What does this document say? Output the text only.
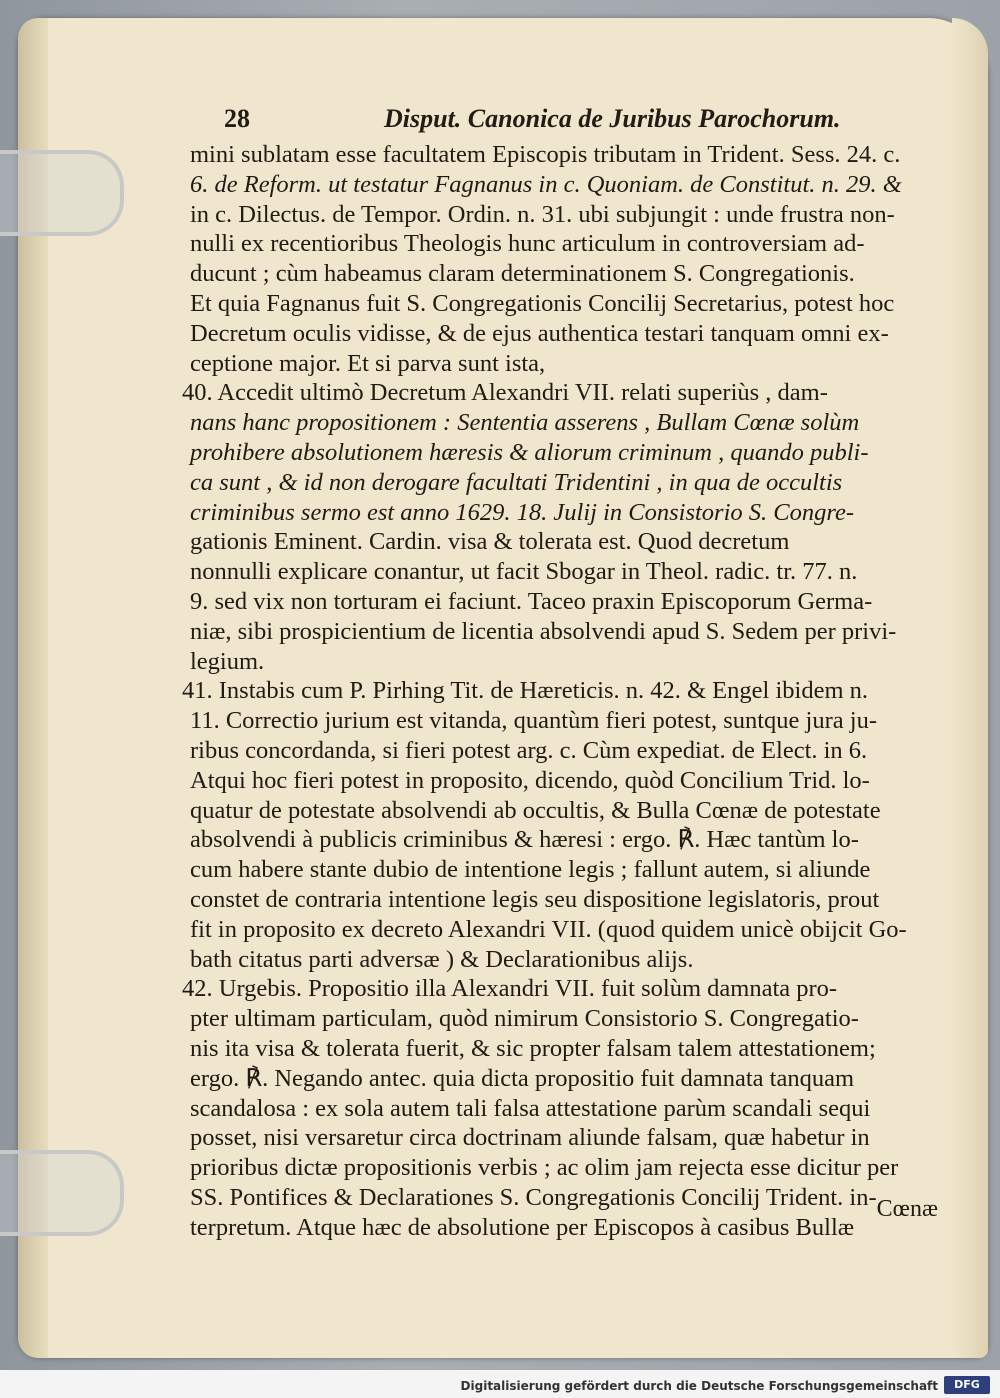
28	Disput. Canonica de Juribus Parochorum.
mini sublatam esse facultatem Episcopis tributam in Trident. Sess. 24. c.
6. de Reform. ut testatur Fagnanus in c. Quoniam. de Constitut. n. 29. &
in c. Dilectus. de Tempor. Ordin. n. 31. ubi subjungit : unde frustra non-
nulli ex recentioribus Theologis hunc articulum in controversiam ad-
ducunt ; cùm habeamus claram determinationem S. Congregationis.
Et quia Fagnanus fuit S. Congregationis Concilij Secretarius, potest hoc
Decretum oculis vidisse, & de ejus authentica testari tanquam omni ex-
ceptione major. Et si parva sunt ista,
40. Accedit ultimò Decretum Alexandri VII. relati superiùs , dam-
nans hanc propositionem : Sententia asserens , Bullam Cœnæ solùm
prohibere absolutionem hæresis & aliorum criminum , quando publi-
ca sunt , & id non derogare facultati Tridentini , in qua de occultis
criminibus sermo est anno 1629. 18. Julij in Consistorio S. Congre-
gationis Eminent. Cardin. visa & tolerata est. Quod decretum
nonnulli explicare conantur, ut facit Sbogar in Theol. radic. tr. 77. n.
9. sed vix non torturam ei faciunt. Taceo praxin Episcoporum Germa-
niæ, sibi prospicientium de licentia absolvendi apud S. Sedem per privi-
legium.
41. Instabis cum P. Pirhing Tit. de Hæreticis. n. 42. & Engel ibidem n.
11. Correctio jurium est vitanda, quantùm fieri potest, suntque jura ju-
ribus concordanda, si fieri potest arg. c. Cùm expediat. de Elect. in 6.
Atqui hoc fieri potest in proposito, dicendo, quòd Concilium Trid. lo-
quatur de potestate absolvendi ab occultis, & Bulla Cœnæ de potestate
absolvendi à publicis criminibus & hæresi : ergo. ℟. Hæc tantùm lo-
cum habere stante dubio de intentione legis ; fallunt autem, si aliunde
constet de contraria intentione legis seu dispositione legislatoris, prout
fit in proposito ex decreto Alexandri VII. (quod quidem unicè obijcit Go-
bath citatus parti adversæ ) & Declarationibus alijs.
42. Urgebis. Propositio illa Alexandri VII. fuit solùm damnata pro-
pter ultimam particulam, quòd nimirum Consistorio S. Congregatio-
nis ita visa & tolerata fuerit, & sic propter falsam talem attestationem;
ergo. ℟. Negando antec. quia dicta propositio fuit damnata tanquam
scandalosa : ex sola autem tali falsa attestatione parùm scandali sequi
posset, nisi versaretur circa doctrinam aliunde falsam, quæ habetur in
prioribus dictæ propositionis verbis ; ac olim jam rejecta esse dicitur per
SS. Pontifices & Declarationes S. Congregationis Concilij Trident. in-
terpretum. Atque hæc de absolutione per Episcopos à casibus Bullæ
Cœnæ
Digitalisierung gefördert durch die Deutsche Forschungsgemeinschaft	DFG
